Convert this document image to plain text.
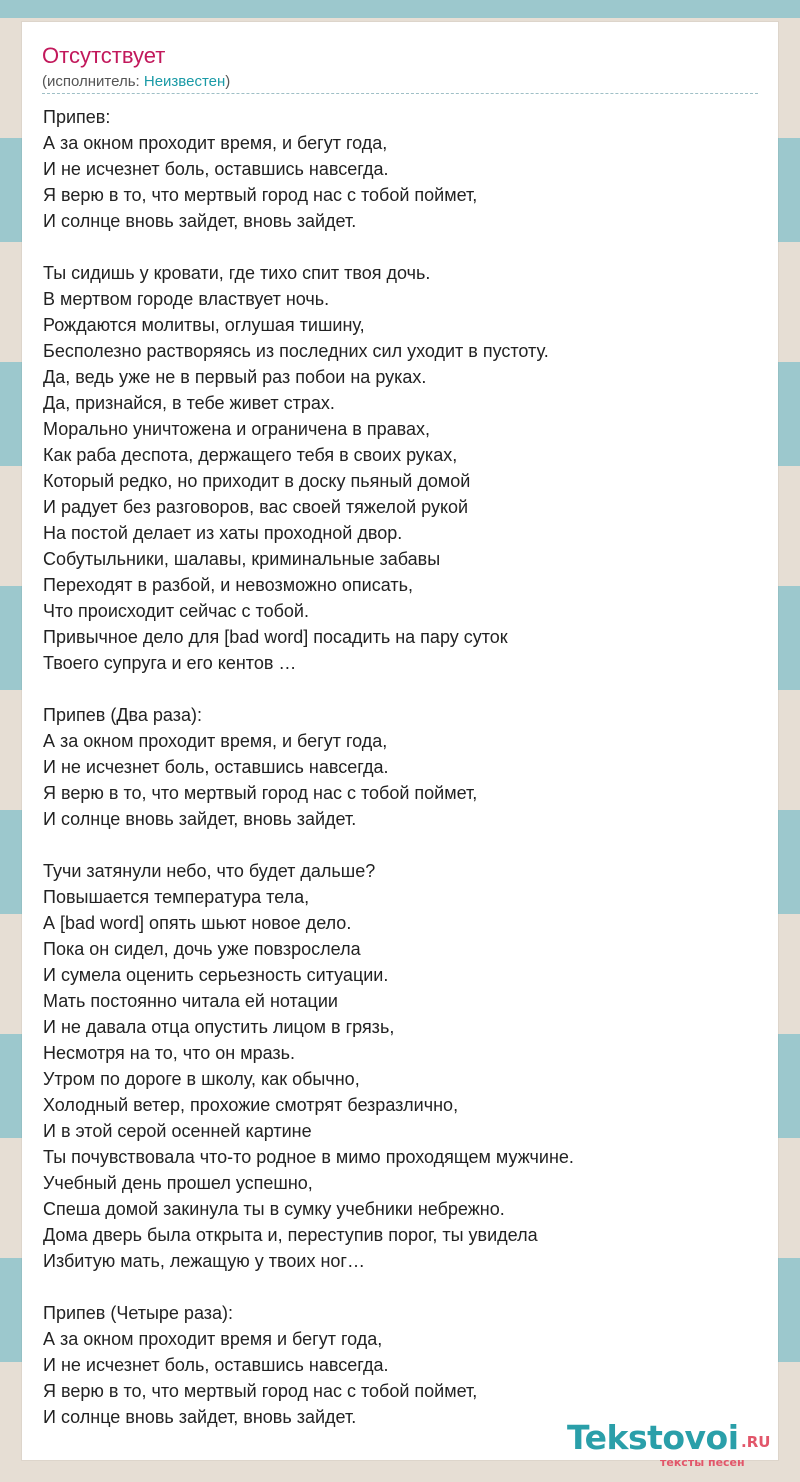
Отсутствует
(исполнитель: Неизвестен)
Припев:
А за окном проходит время, и бегут года,
И не исчезнет боль, оставшись навсегда.
Я верю в то, что мертвый город нас с тобой поймет,
И солнце вновь зайдет, вновь зайдет.
Ты сидишь у кровати, где тихо спит твоя дочь.
В мертвом городе властвует ночь.
Рождаются молитвы, оглушая тишину,
Бесполезно растворяясь из последних сил уходит в пустоту.
Да, ведь уже не в первый раз побои на руках.
Да, признайся, в тебе живет страх.
Морально уничтожена и ограничена в правах,
Как раба деспота, держащего тебя в своих руках,
Который редко, но приходит в доску пьяный домой
И радует без разговоров, вас своей тяжелой рукой
На постой делает из хаты проходной двор.
Собутыльники, шалавы, криминальные забавы
Переходят в разбой, и невозможно описать,
Что происходит сейчас с тобой.
Привычное дело для [bad word] посадить на пару суток
Твоего супруга и его кентов …
Припев (Два раза):
А за окном проходит время, и бегут года,
И не исчезнет боль, оставшись навсегда.
Я верю в то, что мертвый город нас с тобой поймет,
И солнце вновь зайдет, вновь зайдет.
Тучи затянули небо, что будет дальше?
Повышается температура тела,
А [bad word] опять шьют новое дело.
Пока он сидел, дочь уже повзрослела
И сумела оценить серьезность ситуации.
Мать постоянно читала ей нотации
И не давала отца опустить лицом в грязь,
Несмотря на то, что он мразь.
Утром по дороге в школу, как обычно,
Холодный ветер, прохожие смотрят безразлично,
И в этой серой осенней картине
Ты почувствовала что-то родное в мимо проходящем мужчине.
Учебный день прошел успешно,
Спеша домой закинула ты в сумку учебники небрежно.
Дома дверь была открыта и, переступив порог, ты увидела
Избитую мать, лежащую у твоих ног…
Припев (Четыре раза):
А за окном проходит время и бегут года,
И не исчезнет боль, оставшись навсегда.
Я верю в то, что мертвый город нас с тобой поймет,
И солнце вновь зайдет, вновь зайдет.
Tekstovoi .RU
тексты песен
